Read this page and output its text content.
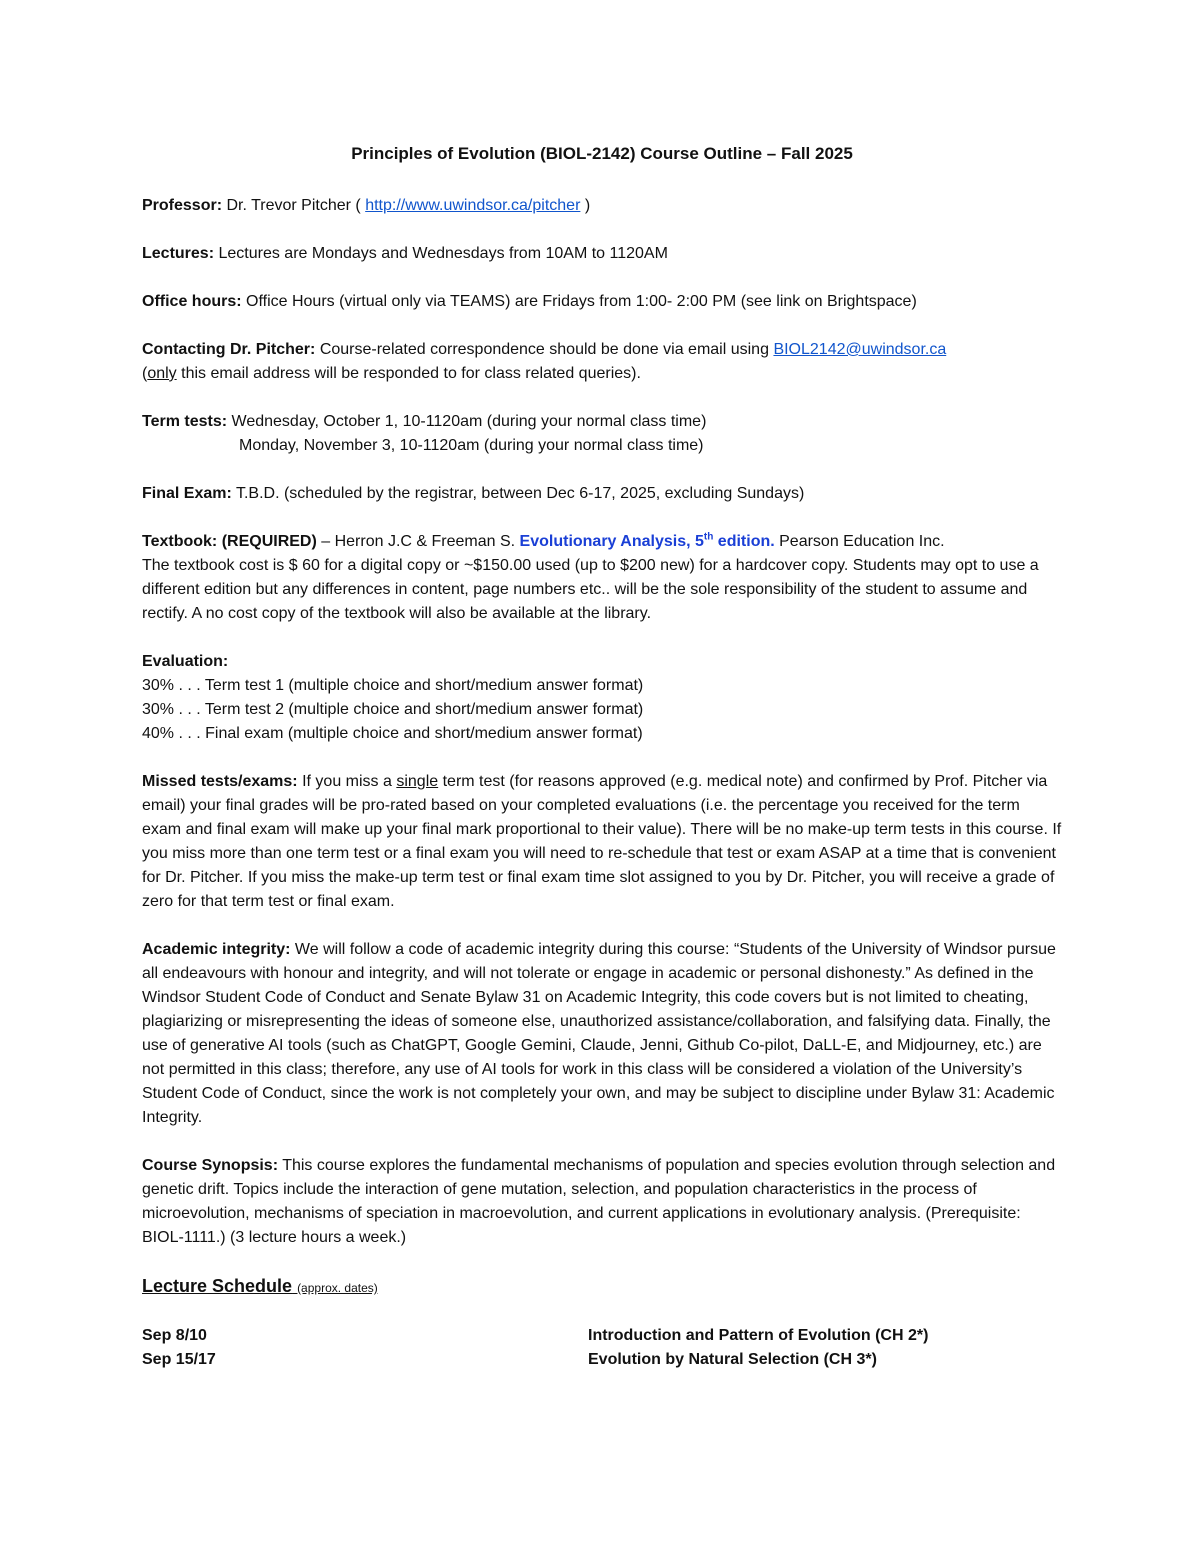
Principles of Evolution (BIOL-2142) Course Outline – Fall 2025
Professor: Dr. Trevor Pitcher ( http://www.uwindsor.ca/pitcher )
Lectures: Lectures are Mondays and Wednesdays from 10AM to 1120AM
Office hours: Office Hours (virtual only via TEAMS) are Fridays from 1:00- 2:00 PM (see link on Brightspace)
Contacting Dr. Pitcher: Course-related correspondence should be done via email using BIOL2142@uwindsor.ca
(only this email address will be responded to for class related queries).
Term tests: Wednesday, October 1, 10-1120am (during your normal class time)
Monday, November 3, 10-1120am (during your normal class time)
Final Exam: T.B.D. (scheduled by the registrar, between Dec 6-17, 2025, excluding Sundays)
Textbook: (REQUIRED) – Herron J.C & Freeman S. Evolutionary Analysis, 5th edition. Pearson Education Inc.
The textbook cost is $ 60 for a digital copy or ~$150.00 used (up to $200 new) for a hardcover copy. Students may opt to use a different edition but any differences in content, page numbers etc.. will be the sole responsibility of the student to assume and rectify. A no cost copy of the textbook will also be available at the library.
Evaluation:
30% . . . Term test 1 (multiple choice and short/medium answer format)
30% . . . Term test 2 (multiple choice and short/medium answer format)
40% . . . Final exam (multiple choice and short/medium answer format)
Missed tests/exams: If you miss a single term test (for reasons approved (e.g. medical note) and confirmed by Prof. Pitcher via email) your final grades will be pro-rated based on your completed evaluations (i.e. the percentage you received for the term exam and final exam will make up your final mark proportional to their value). There will be no make-up term tests in this course. If you miss more than one term test or a final exam you will need to re-schedule that test or exam ASAP at a time that is convenient for Dr. Pitcher. If you miss the make-up term test or final exam time slot assigned to you by Dr. Pitcher, you will receive a grade of zero for that term test or final exam.
Academic integrity: We will follow a code of academic integrity during this course: “Students of the University of Windsor pursue all endeavours with honour and integrity, and will not tolerate or engage in academic or personal dishonesty.” As defined in the Windsor Student Code of Conduct and Senate Bylaw 31 on Academic Integrity, this code covers but is not limited to cheating, plagiarizing or misrepresenting the ideas of someone else, unauthorized assistance/collaboration, and falsifying data. Finally, the use of generative AI tools (such as ChatGPT, Google Gemini, Claude, Jenni, Github Co-pilot, DaLL-E, and Midjourney, etc.) are not permitted in this class; therefore, any use of AI tools for work in this class will be considered a violation of the University’s Student Code of Conduct, since the work is not completely your own, and may be subject to discipline under Bylaw 31: Academic Integrity.
Course Synopsis: This course explores the fundamental mechanisms of population and species evolution through selection and genetic drift. Topics include the interaction of gene mutation, selection, and population characteristics in the process of microevolution, mechanisms of speciation in macroevolution, and current applications in evolutionary analysis. (Prerequisite: BIOL-1111.) (3 lecture hours a week.)
Lecture Schedule (approx. dates)
Sep 8/10	Introduction and Pattern of Evolution (CH 2*)
Sep 15/17	Evolution by Natural Selection (CH 3*)
